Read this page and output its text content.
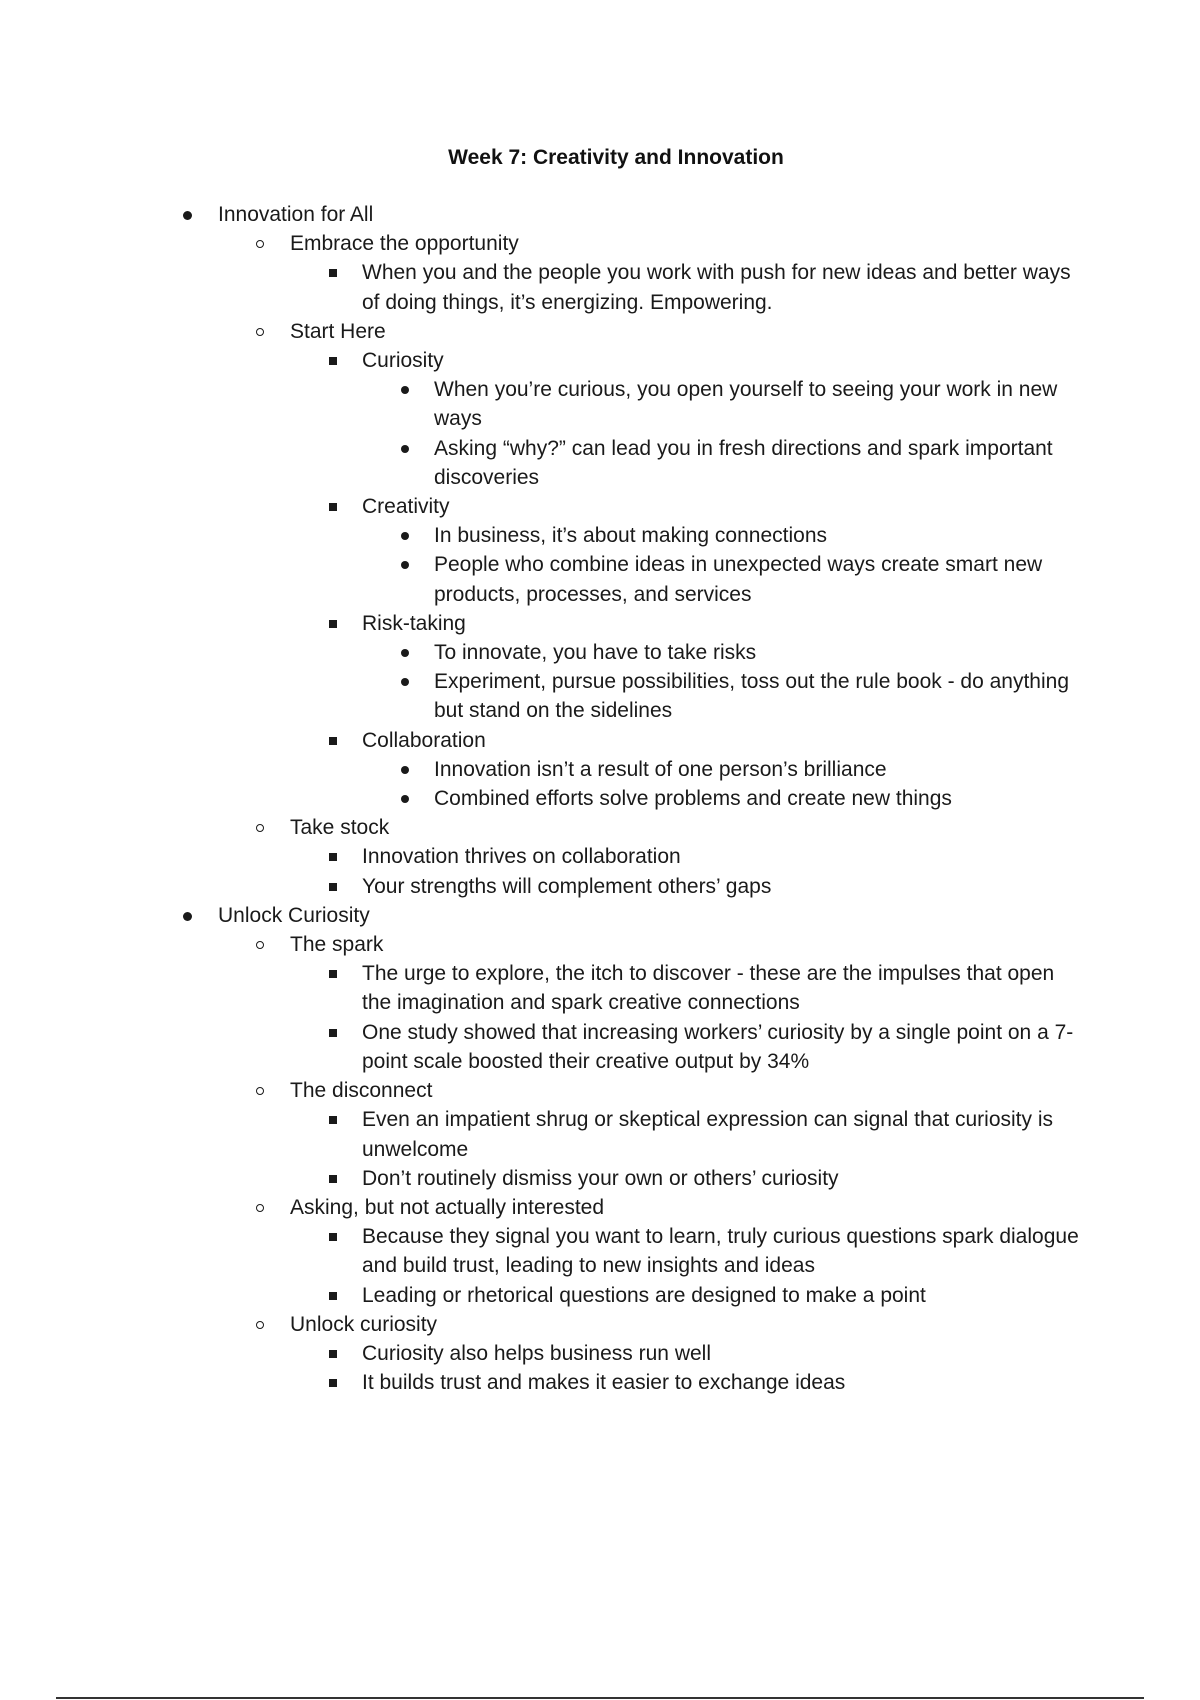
Week 7: Creativity and Innovation
Innovation for All
Embrace the opportunity
When you and the people you work with push for new ideas and better ways of doing things, it’s energizing. Empowering.
Start Here
Curiosity
When you’re curious, you open yourself to seeing your work in new ways
Asking “why?” can lead you in fresh directions and spark important discoveries
Creativity
In business, it’s about making connections
People who combine ideas in unexpected ways create smart new products, processes, and services
Risk-taking
To innovate, you have to take risks
Experiment, pursue possibilities, toss out the rule book - do anything but stand on the sidelines
Collaboration
Innovation isn’t a result of one person’s brilliance
Combined efforts solve problems and create new things
Take stock
Innovation thrives on collaboration
Your strengths will complement others’ gaps
Unlock Curiosity
The spark
The urge to explore, the itch to discover - these are the impulses that open the imagination and spark creative connections
One study showed that increasing workers’ curiosity by a single point on a 7-point scale boosted their creative output by 34%
The disconnect
Even an impatient shrug or skeptical expression can signal that curiosity is unwelcome
Don’t routinely dismiss your own or others’ curiosity
Asking, but not actually interested
Because they signal you want to learn, truly curious questions spark dialogue and build trust, leading to new insights and ideas
Leading or rhetorical questions are designed to make a point
Unlock curiosity
Curiosity also helps business run well
It builds trust and makes it easier to exchange ideas
